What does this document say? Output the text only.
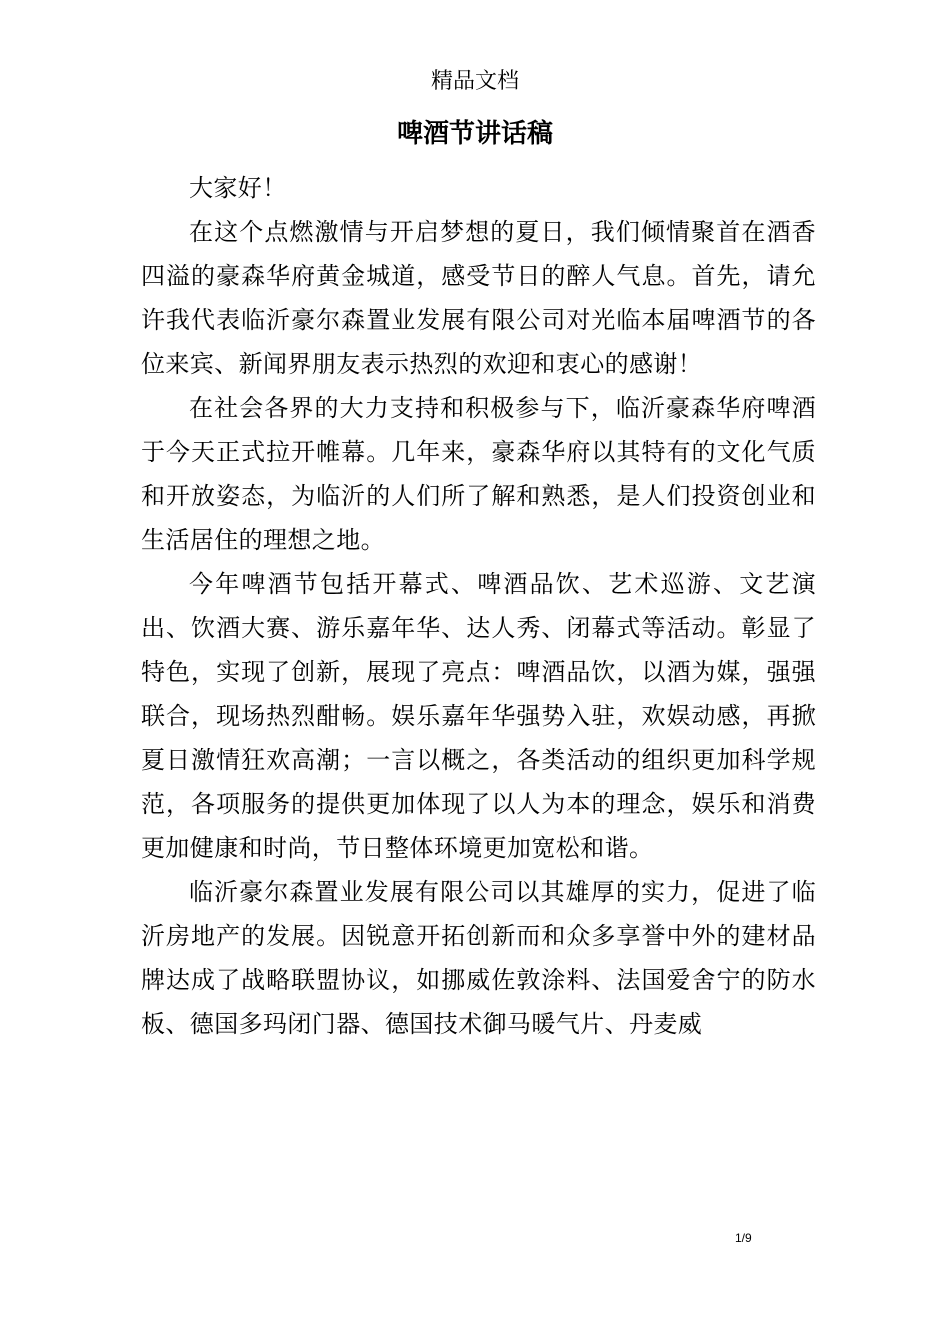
精品文档
啤酒节讲话稿

大家好！

在这个点燃激情与开启梦想的夏日，我们倾情聚首在酒香四溢的豪森华府黄金城道，感受节日的醉人气息。首先，请允许我代表临沂豪尔森置业发展有限公司对光临本届啤酒节的各位来宾、新闻界朋友表示热烈的欢迎和衷心的感谢！

在社会各界的大力支持和积极参与下，临沂豪森华府啤酒于今天正式拉开帷幕。几年来，豪森华府以其特有的文化气质和开放姿态，为临沂的人们所了解和熟悉，是人们投资创业和生活居住的理想之地。

今年啤酒节包括开幕式、啤酒品饮、艺术巡游、文艺演出、饮酒大赛、游乐嘉年华、达人秀、闭幕式等活动。彰显了特色，实现了创新，展现了亮点：啤酒品饮，以酒为媒，强强联合，现场热烈酣畅。娱乐嘉年华强势入驻，欢娱动感，再掀夏日激情狂欢高潮；一言以概之，各类活动的组织更加科学规范，各项服务的提供更加体现了以人为本的理念，娱乐和消费更加健康和时尚，节日整体环境更加宽松和谐。

临沂豪尔森置业发展有限公司以其雄厚的实力，促进了临沂房地产的发展。因锐意开拓创新而和众多享誉中外的建材品牌达成了战略联盟协议，如挪威佐敦涂料、法国爱舍宁的防水板、德国多玛闭门器、德国技术御马暖气片、丹麦威

1/9
